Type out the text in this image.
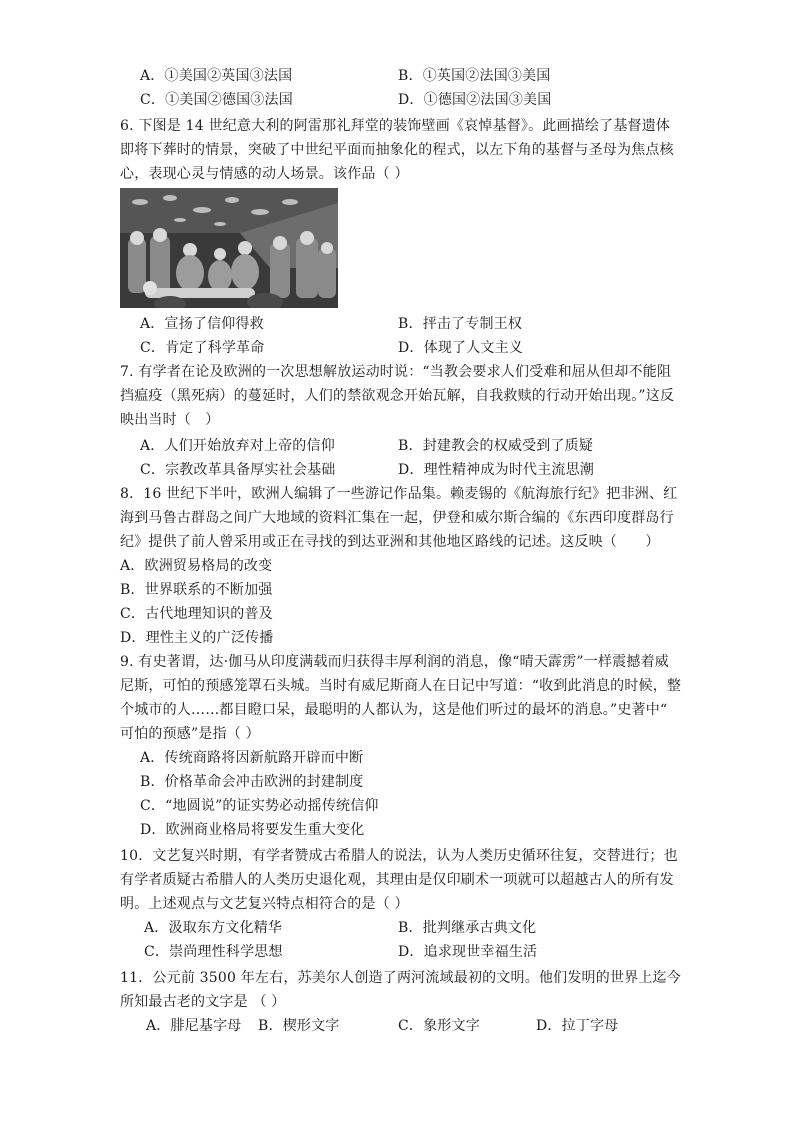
A．①美国②英国③法国	B．①英国②法国③美国
C．①美国②德国③法国	D．①德国②法国③美国
6. 下图是 14 世纪意大利的阿雷那礼拜堂的装饰壁画《哀悼基督》。此画描绘了基督遗体
即将下葬时的情景，突破了中世纪平面而抽象化的程式，以左下角的基督与圣母为焦点核
心，表现心灵与情感的动人场景。该作品（ ）
A．宣扬了信仰得救	B．抨击了专制王权
C．肯定了科学革命	D．体现了人文主义
7. 有学者在论及欧洲的一次思想解放运动时说：“当教会要求人们受难和屈从但却不能阻
挡瘟疫（黑死病）的蔓延时，人们的禁欲观念开始瓦解，自我救赎的行动开始出现。”这反
映出当时（　）
A．人们开始放弃对上帝的信仰	B．封建教会的权威受到了质疑
C．宗教改革具备厚实社会基础	D．理性精神成为时代主流思潮
8．16 世纪下半叶，欧洲人编辑了一些游记作品集。赖麦锡的《航海旅行纪》把非洲、红
海到马鲁古群岛之间广大地域的资料汇集在一起，伊登和威尔斯合编的《东西印度群岛行
纪》提供了前人曾采用或正在寻找的到达亚洲和其他地区路线的记述。这反映（　　）
A．欧洲贸易格局的改变
B．世界联系的不断加强
C．古代地理知识的普及
D．理性主义的广泛传播
9. 有史著谓，达·伽马从印度满载而归获得丰厚利润的消息，像“晴天霹雳”一样震撼着威
尼斯，可怕的预感笼罩石头城。当时有威尼斯商人在日记中写道：“收到此消息的时候，整
个城市的人……都目瞪口呆，最聪明的人都认为，这是他们听过的最坏的消息。”史著中“
可怕的预感”是指（ ）
A．传统商路将因新航路开辟而中断
B．价格革命会冲击欧洲的封建制度
C．“地圆说”的证实势必动摇传统信仰
D．欧洲商业格局将要发生重大变化
10．文艺复兴时期，有学者赞成古希腊人的说法，认为人类历史循环往复，交替进行；也
有学者质疑古希腊人的人类历史退化观，其理由是仅印刷术一项就可以超越古人的所有发
明。上述观点与文艺复兴特点相符合的是（ ）
A．汲取东方文化精华	B．批判继承古典文化
C．崇尚理性科学思想	D．追求现世幸福生活
11．公元前 3500 年左右，苏美尔人创造了两河流域最初的文明。他们发明的世界上迄今
所知最古老的文字是 （ ）
A．腓尼基字母 B．楔形文字	C．象形文字	D．拉丁字母
